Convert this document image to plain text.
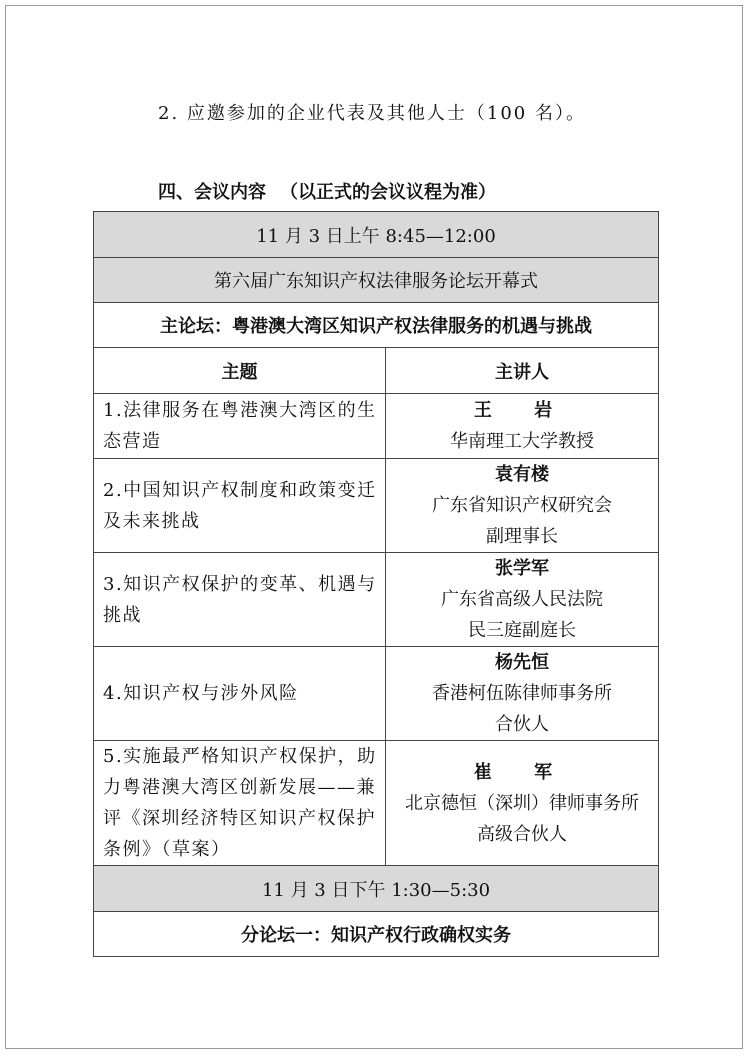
2. 应邀参加的企业代表及其他人士（100 名）。
四、会议内容 （以正式的会议议程为准）
11 月 3 日上午 8:45—12:00	
第六届广东知识产权法律服务论坛开幕式	
主论坛：粤港澳大湾区知识产权法律服务的机遇与挑战	
主题	主讲人
1.法律服务在粤港澳大湾区的生态营造	王 岩
华南理工大学教授

2.中国知识产权制度和政策变迁及未来挑战	袁有楼
广东省知识产权研究会
副理事长

3.知识产权保护的变革、机遇与挑战	张学军
广东省高级人民法院
民三庭副庭长

4.知识产权与涉外风险	杨先恒
香港柯伍陈律师事务所
合伙人

5.实施最严格知识产权保护，助力粤港澳大湾区创新发展——兼评《深圳经济特区知识产权保护条例》（草案）	崔 军
北京德恒（深圳）律师事务所
高级合伙人

11 月 3 日下午 1:30—5:30	
分论坛一：知识产权行政确权实务	
